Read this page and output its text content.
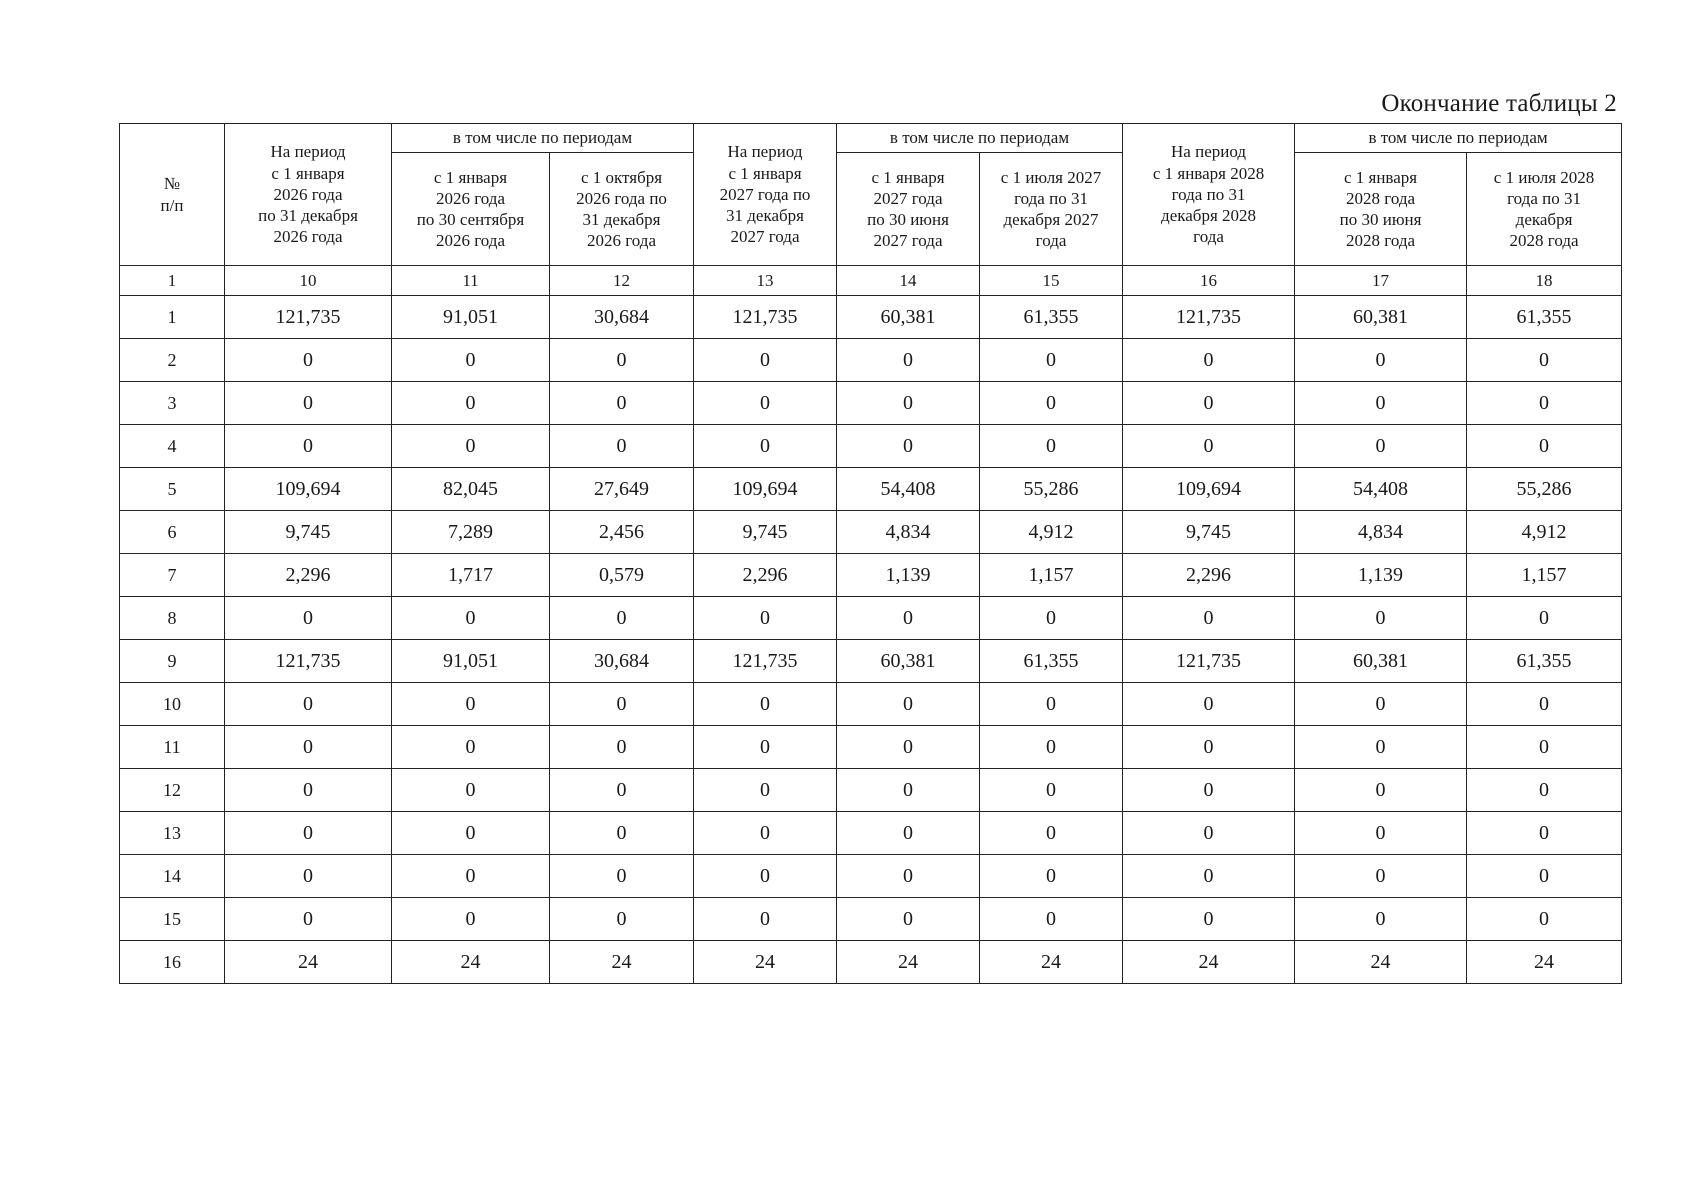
Окончание таблицы 2
№
п/п	На период
с 1 января
2026 года
по 31 декабря
2026 года	в том числе по периодам		На период
с 1 января
2027 года по
31 декабря
2027 года	в том числе по периодам		На период
с 1 января 2028
года по 31
декабря 2028
года	в том числе по периодам	
		с 1 января
2026 года
по 30 сентября
2026 года	с 1 октября
2026 года по
31 декабря
2026 года		с 1 января
2027 года
по 30 июня
2027 года	с 1 июля 2027
года по 31
декабря 2027
года		с 1 января
2028 года
по 30 июня
2028 года	с 1 июля 2028
года по 31
декабря
2028 года
1	10	11	12	13	14	15	16	17	18
1	121,735	91,051	30,684	121,735	60,381	61,355	121,735	60,381	61,355
2	0	0	0	0	0	0	0	0	0
3	0	0	0	0	0	0	0	0	0
4	0	0	0	0	0	0	0	0	0
5	109,694	82,045	27,649	109,694	54,408	55,286	109,694	54,408	55,286
6	9,745	7,289	2,456	9,745	4,834	4,912	9,745	4,834	4,912
7	2,296	1,717	0,579	2,296	1,139	1,157	2,296	1,139	1,157
8	0	0	0	0	0	0	0	0	0
9	121,735	91,051	30,684	121,735	60,381	61,355	121,735	60,381	61,355
10	0	0	0	0	0	0	0	0	0
11	0	0	0	0	0	0	0	0	0
12	0	0	0	0	0	0	0	0	0
13	0	0	0	0	0	0	0	0	0
14	0	0	0	0	0	0	0	0	0
15	0	0	0	0	0	0	0	0	0
16	24	24	24	24	24	24	24	24	24
